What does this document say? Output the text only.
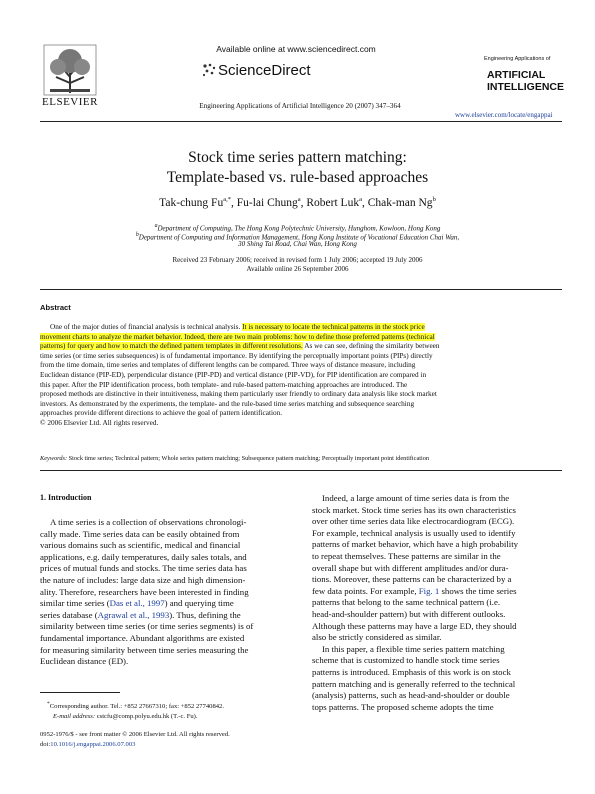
ELSEVIER
Available online at www.sciencedirect.com
ScienceDirect
Engineering Applications of Artificial Intelligence 20 (2007) 347–364
Engineering Applications of
ARTIFICIAL INTELLIGENCE
www.elsevier.com/locate/engappai
Stock time series pattern matching:
Template-based vs. rule-based approaches
Tak-chung $Fu^{a,*}$, Fu-lai Chung$^a$, Robert Luk$^a$, Chak-man Ng$^b$
$^a$Department of Computing, The Hong Kong Polytechnic University, Hunghom, Kowloon, Hong Kong
$^b$Department of Computing and Information Management, Hong Kong Institute of Vocational Education Chai Wan,
30 Shing Tai Road, Chai Wan, Hong Kong
Received 23 February 2006; received in revised form 1 July 2006; accepted 19 July 2006
Available online 26 September 2006
Abstract
One of the major duties of financial analysis is technical analysis. It is necessary to locate the technical patterns in the stock price
movement charts to analyze the market behavior. Indeed, there are two main problems: how to define those preferred patterns (technical
patterns) for query and how to match the defined pattern templates in different resolutions. As we can see, defining the similarity between
time series (or time series subsequences) is of fundamental importance. By identifying the perceptually important points (PIPs) directly
from the time domain, time series and templates of different lengths can be compared. Three ways of distance measure, including
Euclidean distance (PIP-ED), perpendicular distance (PIP-PD) and vertical distance (PIP-VD), for PIP identification are compared in
this paper. After the PIP identification process, both template- and rule-based pattern-matching approaches are introduced. The
proposed methods are distinctive in their intuitiveness, making them particularly user friendly to ordinary data analysis like stock market
investors. As demonstrated by the experiments, the template- and the rule-based time series matching and subsequence searching
approaches provide different directions to achieve the goal of pattern identification.
© 2006 Elsevier Ltd. All rights reserved.
Keywords: Stock time series; Technical pattern; Whole series pattern matching; Subsequence pattern matching; Perceptually important point identification
1. Introduction
A time series is a collection of observations chronologi-
cally made. Time series data can be easily obtained from
various domains such as scientific, medical and financial
applications, e.g. daily temperatures, daily sales totals, and
prices of mutual funds and stocks. The time series data has
the nature of includes: large data size and high dimension-
ality. Therefore, researchers have been interested in finding
similar time series (Das et al., 1997) and querying time
series database (Agrawal et al., 1993). Thus, defining the
similarity between time series (or time series segments) is of
fundamental importance. Abundant algorithms are existed
for measuring similarity between time series measuring the
Euclidean distance (ED).
Indeed, a large amount of time series data is from the
stock market. Stock time series has its own characteristics
over other time series data like electrocardiogram (ECG).
For example, technical analysis is usually used to identify
patterns of market behavior, which have a high probability
to repeat themselves. These patterns are similar in the
overall shape but with different amplitudes and/or dura-
tions. Moreover, these patterns can be characterized by a
few data points. For example, Fig. 1 shows the time series
patterns that belong to the same technical pattern (i.e.
head-and-shoulder pattern) but with different outlooks.
Although these patterns may have a large ED, they should
also be strictly considered as similar.
In this paper, a flexible time series pattern matching
scheme that is customized to handle stock time series
patterns is introduced. Emphasis of this work is on stock
pattern matching and is generally referred to the technical
(analysis) patterns, such as head-and-shoulder or double
tops patterns. The proposed scheme adopts the time
*Corresponding author. Tel.: +852 27667310; fax: +852 27740842.
E-mail address: cstcfu@comp.polyu.edu.hk (T.-c. Fu).
0952-1976/$ - see front matter © 2006 Elsevier Ltd. All rights reserved.
doi:10.1016/j.engappai.2006.07.003
